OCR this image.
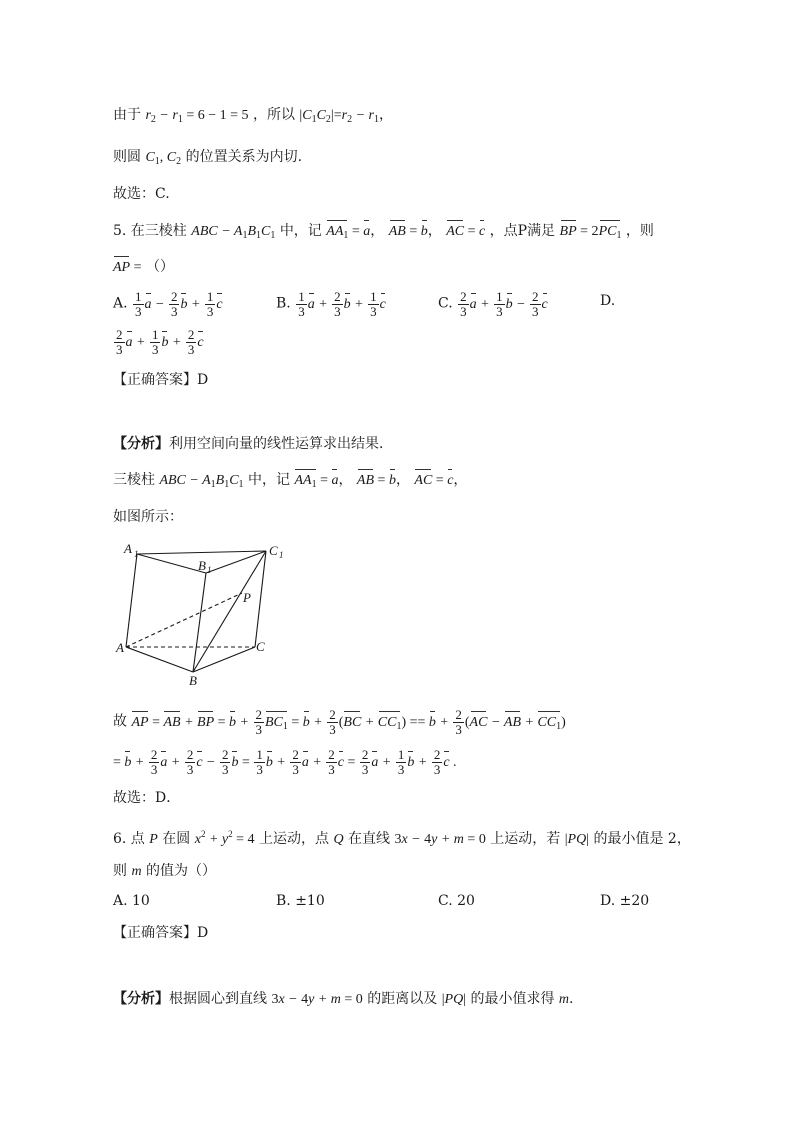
由于 $r_2 - r_1 = 6 - 1 = 5$ ，所以 $|C_1C_2|=r_2 - r_1$，
则圆 $C_1$, $C_2$ 的位置关系为内切.
故选：C.
5. 在三棱柱 ABC − $A_1B_1C_1$ 中，记 $AA_1 = a$， AB = b， AC = c ，点P满足 BP = $2PC_1$ ，则
AP = （）
A. $\frac{1}{3}$ $a - \frac{2}{3}$ $b + \frac{1}{3}$ c	B. $\frac{1}{3}$ $a + \frac{2}{3}$ $b + \frac{1}{3}$ c	C. $\frac{2}{3}$ $a + \frac{1}{3}$ $b - \frac{2}{3}$ c	D.
$\frac{2}{3}$ $a + \frac{1}{3}$ $b + \frac{2}{3}$ c
【正确答案】D
【分析】利用空间向量的线性运算求出结果．
三棱柱 ABC − $A_1B_1C_1$ 中，记 $AA_1 = a$， AB = b， AC = c，
如图所示：
A 1
B 1
C 1
P
A
B
C
故 AP = AB + BP = $b + \frac{2}{3} BC_1 = b + \frac{2}{3} (BC + CC_1) == b + \frac{2}{3} (AC$ − AB + $CC_1$)
= $b + \frac{2}{3}$ $a + \frac{2}{3}$ $c - \frac{2}{3}$ $b = \frac{1}{3}$ $b + \frac{2}{3}$ $a + \frac{2}{3}$ $c = \frac{2}{3}$ $a + \frac{1}{3}$ $b + \frac{2}{3}$ c .
故选：D．
6. 点 P 在圆 $x^2 + y^2 = 4$ 上运动，点 Q 在直线 3x − 4y + m = 0 上运动，若 |PQ| 的最小值是 2，
则 m 的值为（）
A. 10	B. ±10	C. 20	D. ±20
【正确答案】D
【分析】根据圆心到直线 3x − 4y + m = 0 的距离以及 |PQ| 的最小值求得 m.
